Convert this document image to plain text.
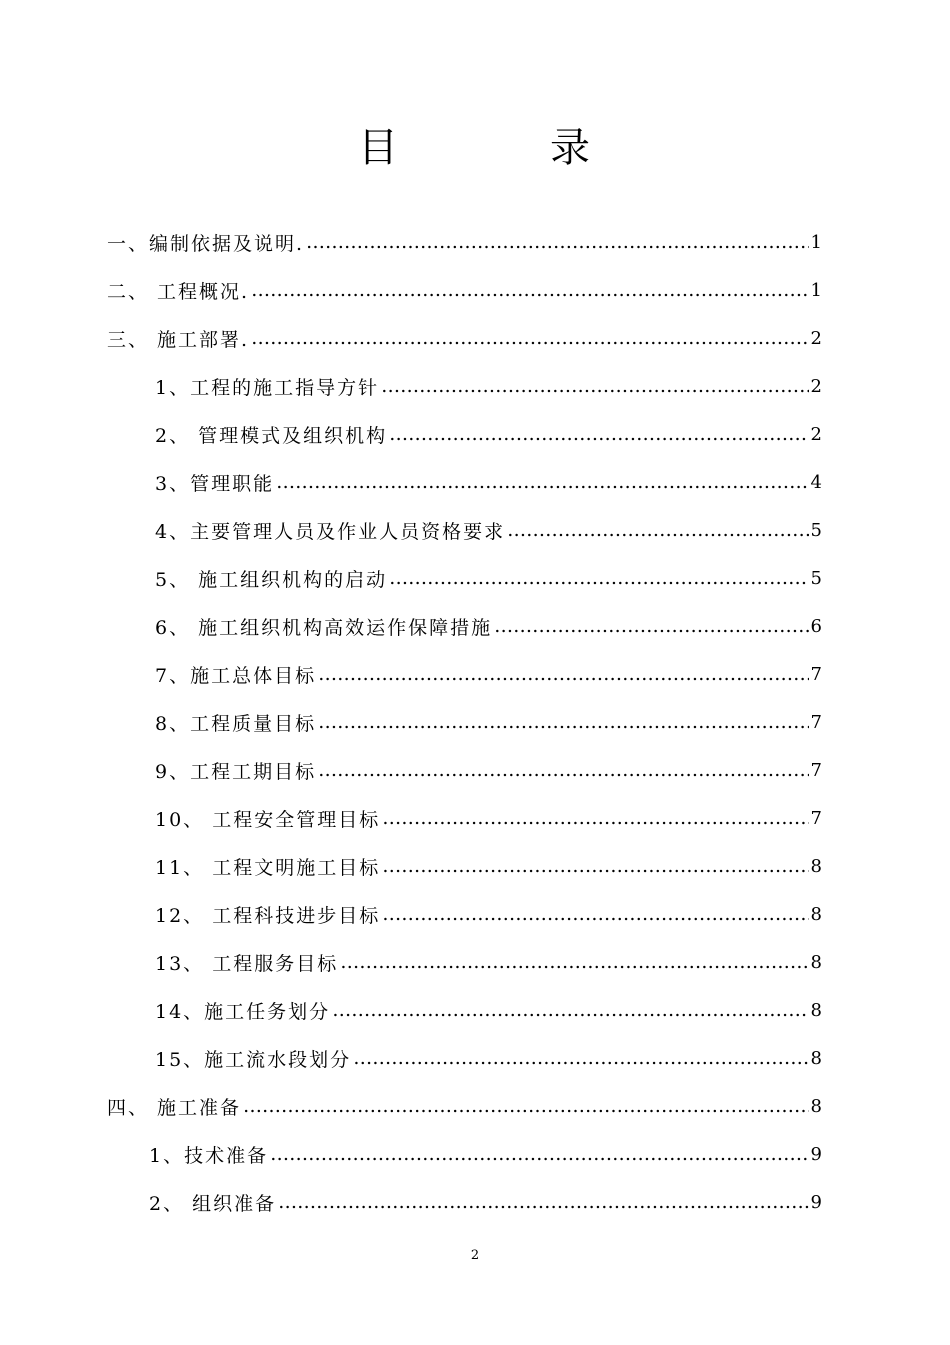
目	录
一、编制依据及说明. …………………………………………………………………………………………………………………………………………………………………………………………………………………	1
二、 工程概况. …………………………………………………………………………………………………………………………………………………………………………………………………………………	1
三、 施工部署. …………………………………………………………………………………………………………………………………………………………………………………………………………………	2
1、工程的施工指导方针 …………………………………………………………………………………………………………………………………………………………………………………………………………………	2
2、 管理模式及组织机构 …………………………………………………………………………………………………………………………………………………………………………………………………………………	2
3、管理职能 …………………………………………………………………………………………………………………………………………………………………………………………………………………	4
4、主要管理人员及作业人员资格要求 …………………………………………………………………………………………………………………………………………………………………………………………………………………	5
5、 施工组织机构的启动 …………………………………………………………………………………………………………………………………………………………………………………………………………………	5
6、 施工组织机构高效运作保障措施 …………………………………………………………………………………………………………………………………………………………………………………………………………………	6
7、施工总体目标 …………………………………………………………………………………………………………………………………………………………………………………………………………………	7
8、工程质量目标 …………………………………………………………………………………………………………………………………………………………………………………………………………………	7
9、工程工期目标 …………………………………………………………………………………………………………………………………………………………………………………………………………………	7
10、 工程安全管理目标 …………………………………………………………………………………………………………………………………………………………………………………………………………………	7
11、 工程文明施工目标 …………………………………………………………………………………………………………………………………………………………………………………………………………………	8
12、 工程科技进步目标 …………………………………………………………………………………………………………………………………………………………………………………………………………………	8
13、 工程服务目标 …………………………………………………………………………………………………………………………………………………………………………………………………………………	8
14、施工任务划分 …………………………………………………………………………………………………………………………………………………………………………………………………………………	8
15、施工流水段划分 …………………………………………………………………………………………………………………………………………………………………………………………………………………	8
四、 施工准备 …………………………………………………………………………………………………………………………………………………………………………………………………………………	8
1、技术准备 …………………………………………………………………………………………………………………………………………………………………………………………………………………	9
2、 组织准备 …………………………………………………………………………………………………………………………………………………………………………………………………………………	9
2
